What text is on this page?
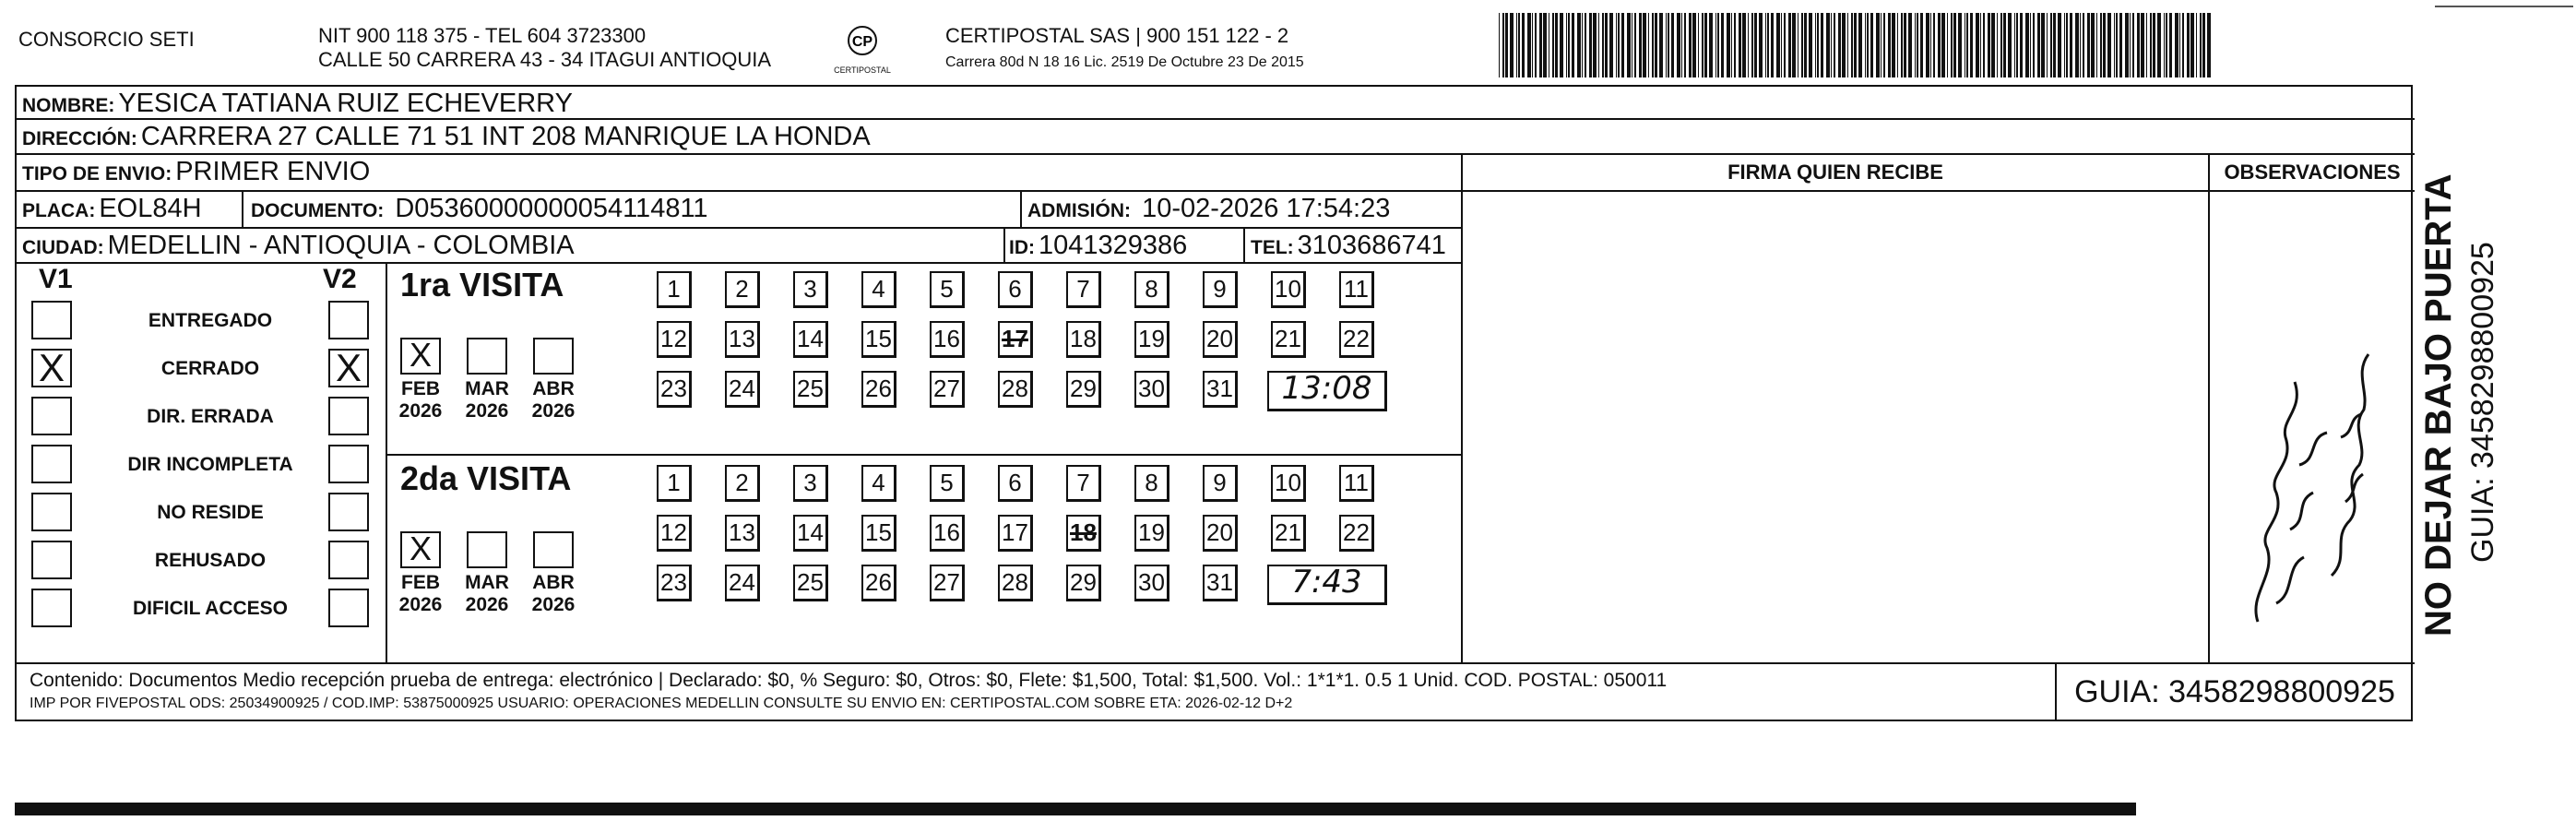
CONSORCIO SETI	NIT 900 118 375 - TEL 604 3723300
CALLE 50 CARRERA 43 - 34 ITAGUI ANTIOQUIA
CP
CERTIPOSTAL
CERTIPOSTAL SAS | 900 151 122 - 2
Carrera 80d N 18 16 Lic. 2519 De Octubre 23 De 2015
NOMBRE: YESICA TATIANA RUIZ ECHEVERRY
DIRECCIÓN: CARRERA 27 CALLE 71 51 INT 208 MANRIQUE LA HONDA
TIPO DE ENVIO: PRIMER ENVIO
PLACA: EOL84H	DOCUMENTO: D05360000000054114811	ADMISIÓN: 10-02-2026 17:54:23
CIUDAD: MEDELLIN - ANTIOQUIA - COLOMBIA	ID: 1041329386	TEL: 3103686741
FIRMA QUIEN RECIBE	OBSERVACIONES
V1	V2
ENTREGADO
X	CERRADO	X
DIR. ERRADA
DIR INCOMPLETA
NO RESIDE
REHUSADO
DIFICIL ACCESO
1ra VISITA
X
FEB
2026
MAR
2026
ABR
2026
1	2	3	4	5	6	7	8	9	10 11
12 13 14 15 16 17 18 19 20 21 22
23 24 25 26 27 28 29 30 31	13:08
2da VISITA
X
FEB
2026
MAR
2026
ABR
2026
1	2	3	4	5	6	7	8	9	10 11
12 13 14 15 16 17 18 19 20 21 22
23 24 25 26 27 28 29 30 31	7:43
Contenido: Documentos Medio recepción prueba de entrega: electrónico | Declarado: $0, % Seguro: $0, Otros: $0, Flete: $1,500, Total: $1,500. Vol.: 1*1*1. 0.5 1 Unid. COD. POSTAL: 050011
IMP POR FIVEPOSTAL ODS: 25034900925 / COD.IMP: 53875000925 USUARIO: OPERACIONES MEDELLIN CONSULTE SU ENVIO EN: CERTIPOSTAL.COM SOBRE ETA: 2026-02-12 D+2	GUIA: 3458298800925
NO DEJAR BAJO PUERTA GUIA: 3458298800925
